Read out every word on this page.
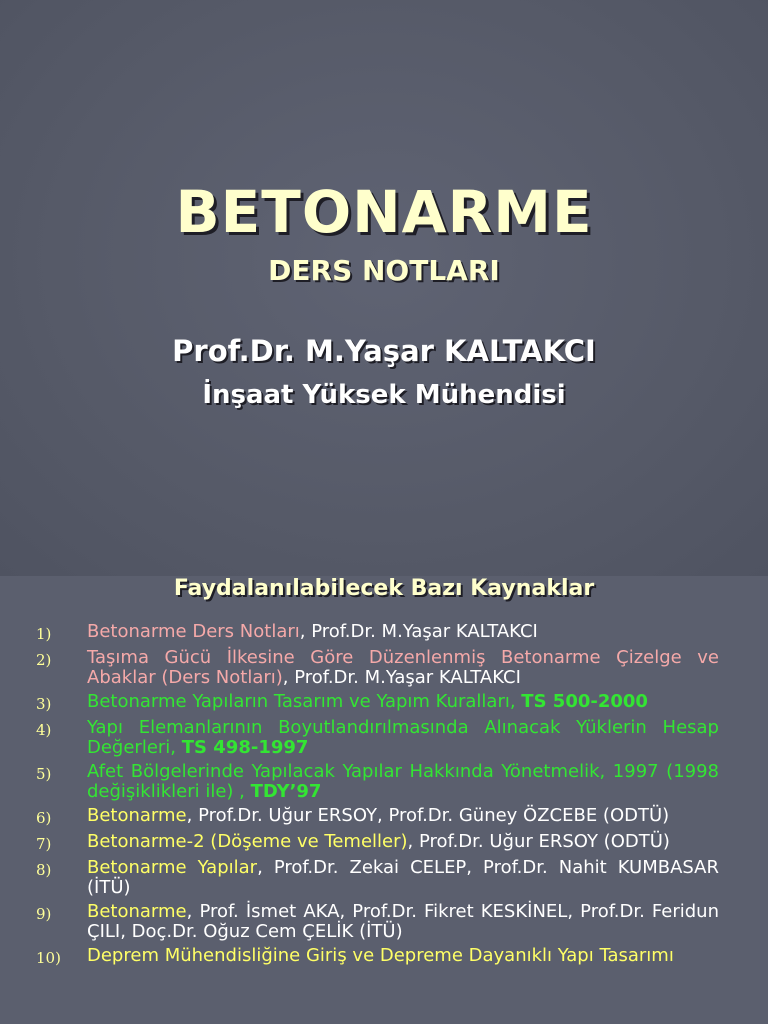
BETONARME
DERS NOTLARI
Prof.Dr. M.Yaşar KALTAKCI
İnşaat Yüksek Mühendisi
Faydalanılabilecek Bazı Kaynaklar
1)	Betonarme Ders Notları, Prof.Dr. M.Yaşar KALTAKCI
2)	Taşıma Gücü İlkesine Göre Düzenlenmiş Betonarme Çizelge ve Abaklar (Ders Notları), Prof.Dr. M.Yaşar KALTAKCI
3)	Betonarme Yapıların Tasarım ve Yapım Kuralları, TS 500-2000
4)	Yapı Elemanlarının Boyutlandırılmasında Alınacak Yüklerin Hesap Değerleri, TS 498-1997
5)	Afet Bölgelerinde Yapılacak Yapılar Hakkında Yönetmelik, 1997 (1998 değişiklikleri ile) , TDY’97
6)	Betonarme, Prof.Dr. Uğur ERSOY, Prof.Dr. Güney ÖZCEBE (ODTÜ)
7)	Betonarme-2 (Döşeme ve Temeller), Prof.Dr. Uğur ERSOY (ODTÜ)
8)	Betonarme Yapılar, Prof.Dr. Zekai CELEP, Prof.Dr. Nahit KUMBASAR (İTÜ)
9)	Betonarme, Prof. İsmet AKA, Prof.Dr. Fikret KESKİNEL, Prof.Dr. Feridun ÇILI, Doç.Dr. Oğuz Cem ÇELİK (İTÜ)
10)	Deprem Mühendisliğine Giriş ve Depreme Dayanıklı Yapı Tasarımı
